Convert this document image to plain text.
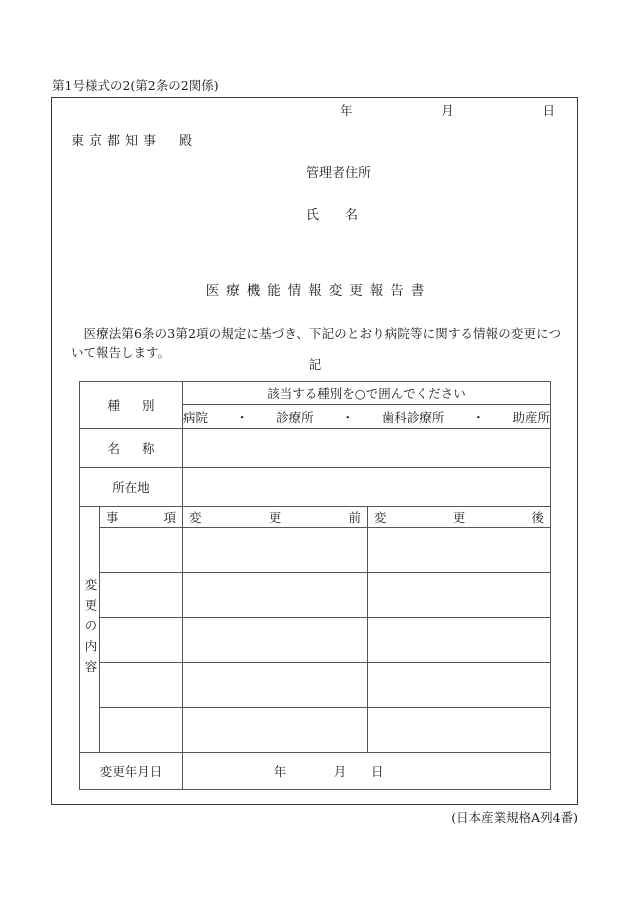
第1号様式の2(第2条の2関係)
年	月	日
東京都知事 殿
管理者住所
氏 名
医療機能情報変更報告書
医療法第6条の3第2項の規定に基づき、下記のとおり病院等に関する情報の変更について報告します。
記
種 別		該当する種別を○で囲んでください	

病院 ・ 診療所 ・ 歯科診療所 ・ 助産所

名 称			
所在地			

変更の内容	事 項	変 更 前	変 更 後

変更年月日		年 月 日	
(日本産業規格A列4番)
